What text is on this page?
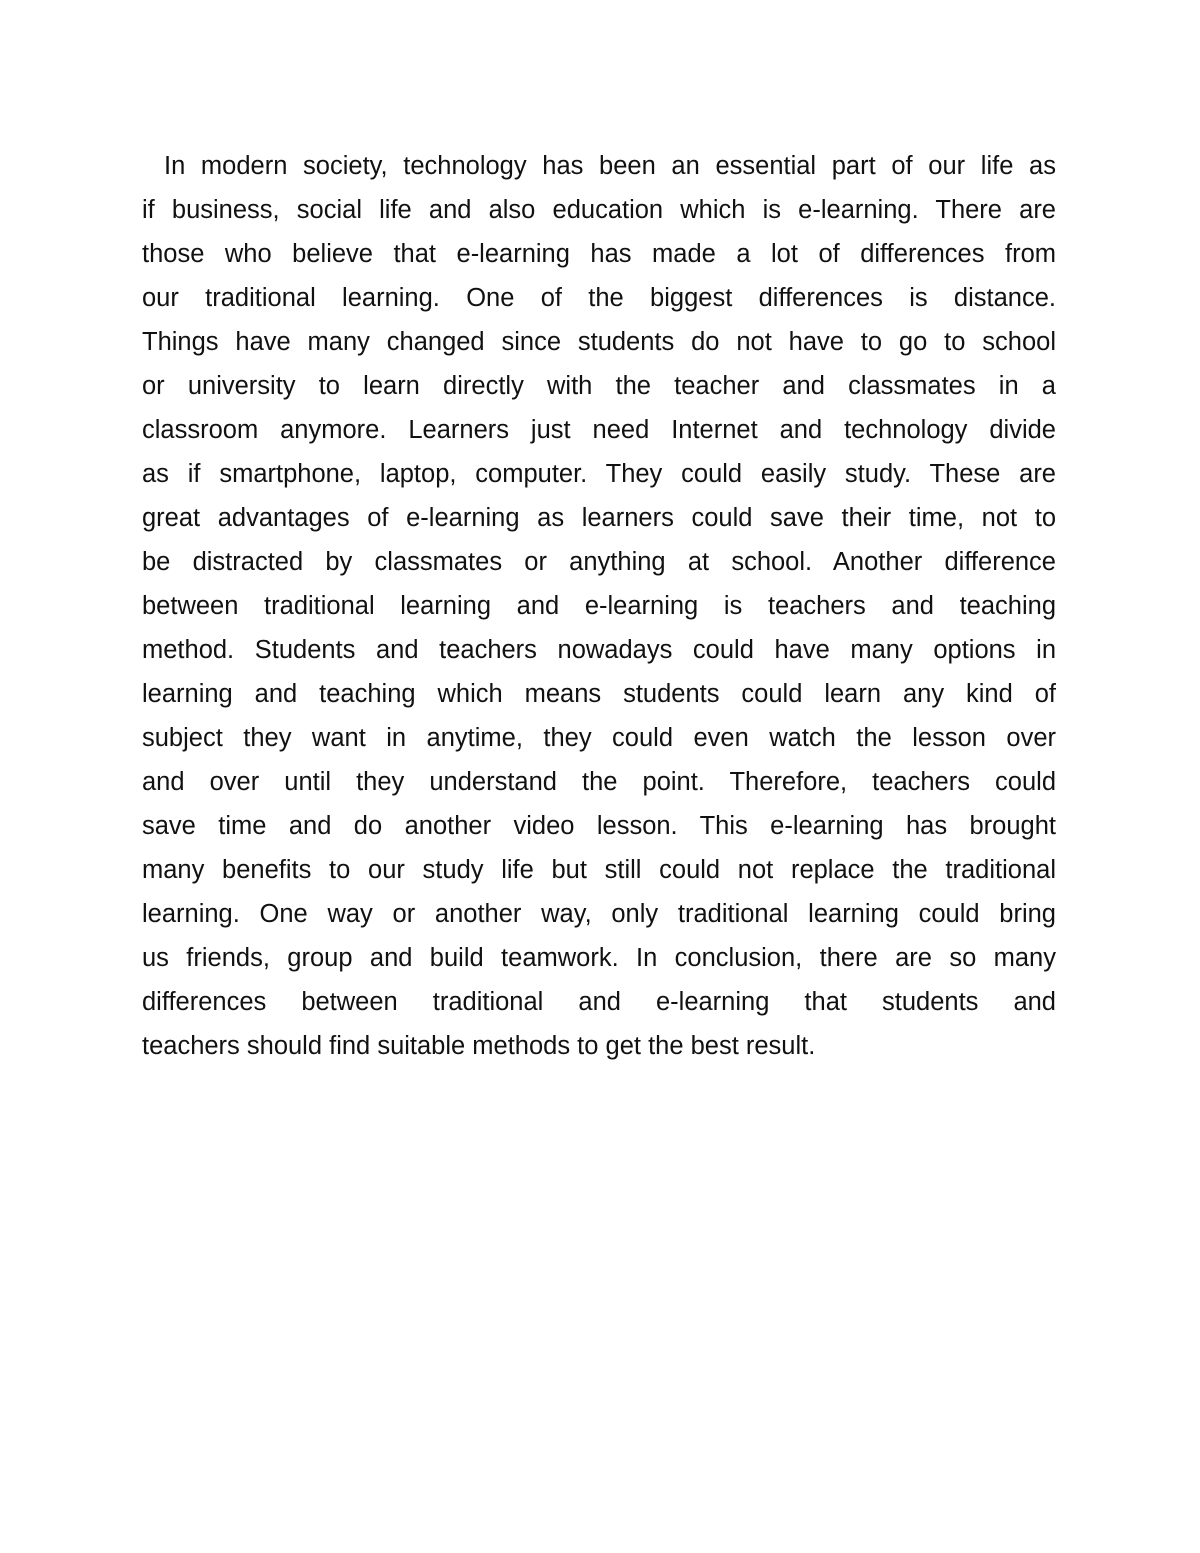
In modern society, technology has been an essential part of our life as
if business, social life and also education which is e-learning. There are
those who believe that e-learning has made a lot of differences from
our traditional learning. One of the biggest differences is distance.
Things have many changed since students do not have to go to school
or university to learn directly with the teacher and classmates in a
classroom anymore. Learners just need Internet and technology divide
as if smartphone, laptop, computer. They could easily study. These are
great advantages of e-learning as learners could save their time, not to
be distracted by classmates or anything at school. Another difference
between traditional learning and e-learning is teachers and teaching
method. Students and teachers nowadays could have many options in
learning and teaching which means students could learn any kind of
subject they want in anytime, they could even watch the lesson over
and over until they understand the point. Therefore, teachers could
save time and do another video lesson. This e-learning has brought
many benefits to our study life but still could not replace the traditional
learning. One way or another way, only traditional learning could bring
us friends, group and build teamwork. In conclusion, there are so many
differences between traditional and e-learning that students and
teachers should find suitable methods to get the best result.
